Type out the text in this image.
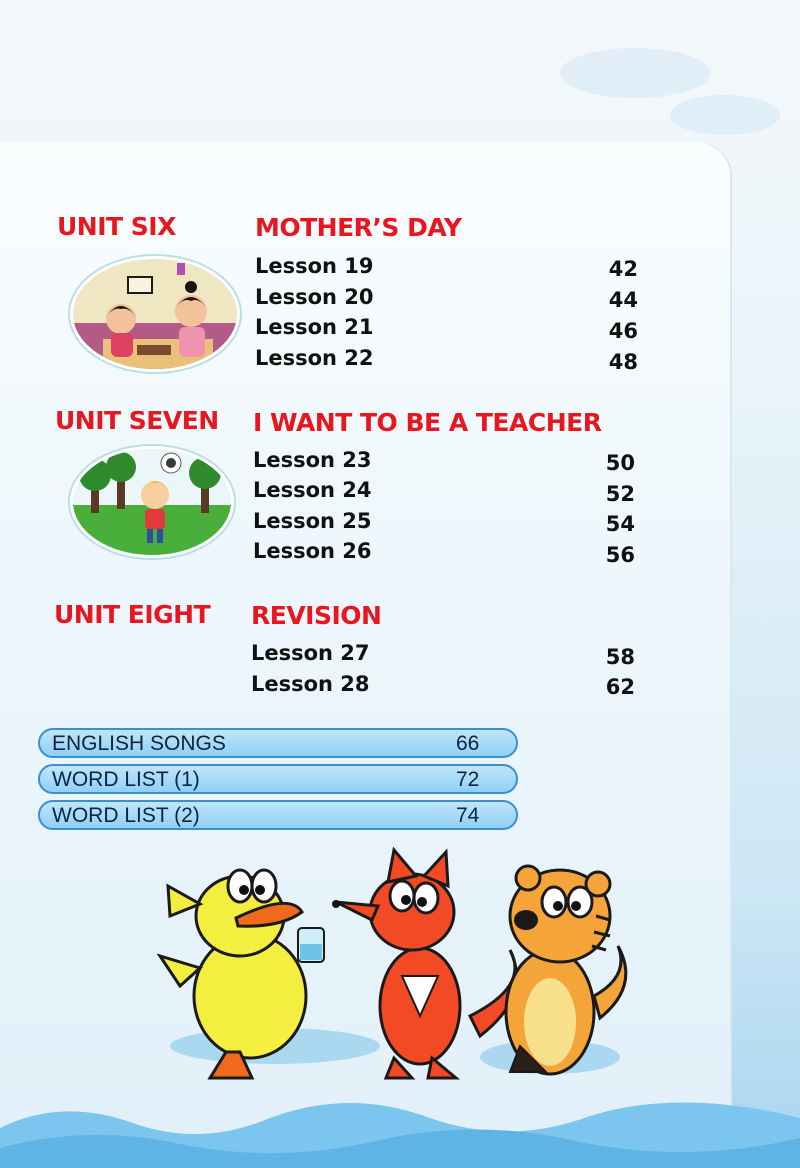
UNIT SIX	MOTHER’S DAY
Lesson 19	42
Lesson 20	44
Lesson 21	46
Lesson 22	48
UNIT SEVEN I WANT TO BE A TEACHER
Lesson 23	50
Lesson 24	52
Lesson 25	54
Lesson 26	56
UNIT EIGHT REVISION
Lesson 27	58
Lesson 28	62
ENGLISH SONGS	66
WORD LIST (1)	72
WORD LIST (2)	74
